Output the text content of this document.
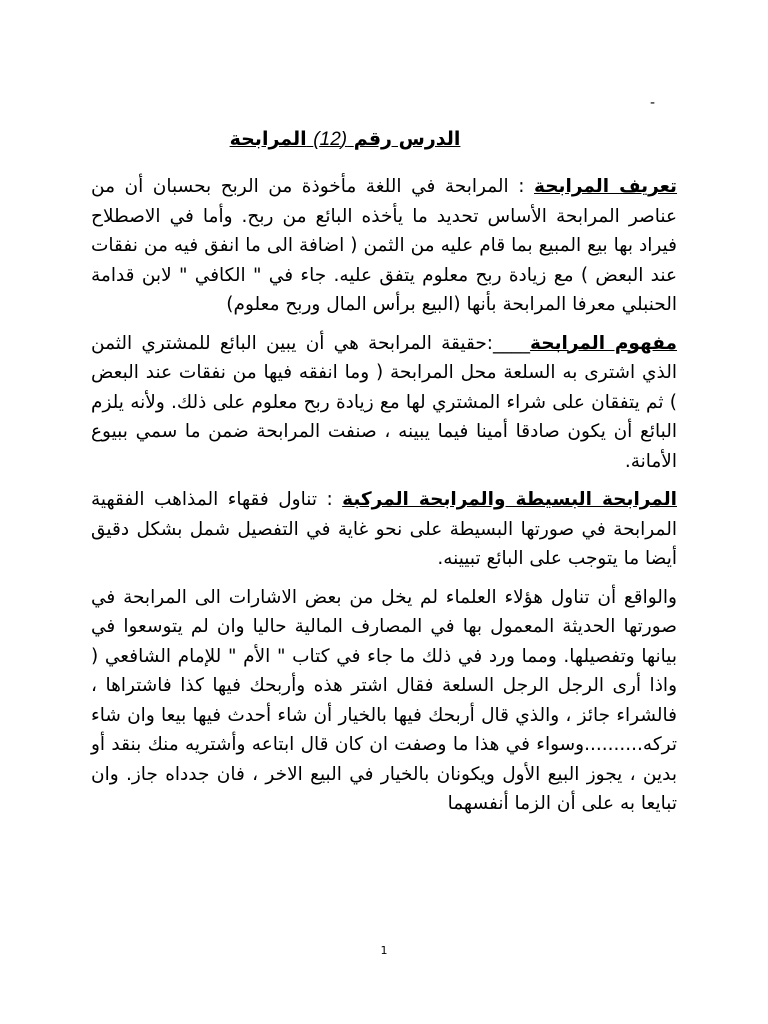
-
الدرس رقم (12) المرابحة

تعريف المرابحة : المرابحة في اللغة مأخوذة من الربح بحسبان أن من عناصر المرابحة الأساس تحديد ما يأخذه البائع من ربح. وأما في الاصطلاح فيراد بها بيع المبيع بما قام عليه من الثمن ( اضافة الى ما انفق فيه من نفقات عند البعض ) مع زيادة ربح معلوم يتفق عليه. جاء في " الكافي " لابن قدامة الحنبلي معرفا المرابحة بأنها (البيع برأس المال وربح معلوم)

مفهوم المرابحة____:حقيقة المرابحة هي أن يبين البائع للمشتري الثمن الذي اشترى به السلعة محل المرابحة ( وما انفقه فيها من نفقات عند البعض ) ثم يتفقان على شراء المشتري لها مع زيادة ربح معلوم على ذلك. ولأنه يلزم البائع أن يكون صادقا أمينا فيما يبينه ، صنفت المرابحة ضمن ما سمي ببيوع الأمانة.

المرابحة البسيطة والمرابحة المركبة : تناول فقهاء المذاهب الفقهية المرابحة في صورتها البسيطة على نحو غاية في التفصيل شمل بشكل دقيق أيضا ما يتوجب على البائع تبيينه.

والواقع أن تناول هؤلاء العلماء لم يخل من بعض الاشارات الى المرابحة في صورتها الحديثة المعمول بها في المصارف المالية حاليا وان لم يتوسعوا في بيانها وتفصيلها. ومما ورد في ذلك ما جاء في كتاب " الأم " للإمام الشافعي ( واذا أرى الرجل الرجل السلعة فقال اشتر هذه وأربحك فيها كذا فاشتراها ، فالشراء جائز ، والذي قال أربحك فيها بالخيار أن شاء أحدث فيها بيعا وان شاء تركه..........وسواء في هذا ما وصفت ان كان قال ابتاعه وأشتريه منك بنقد أو بدين ، يجوز البيع الأول ويكونان بالخيار في البيع الاخر ، فان جدداه جاز. وان تبايعا به على أن الزما أنفسهما

1
